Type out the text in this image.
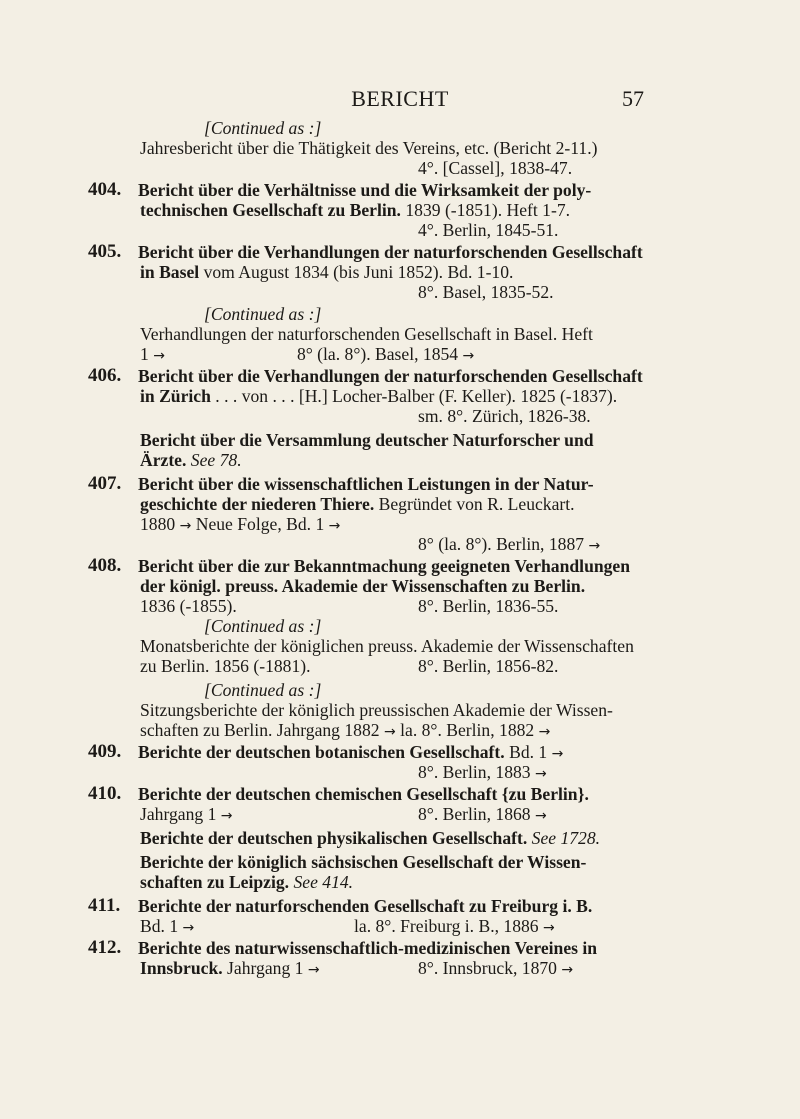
BERICHT	57
[Continued as :]
Jahresbericht über die Thätigkeit des Vereins, etc. (Bericht 2-11.)
4°. [Cassel], 1838-47.
404. Bericht über die Verhältnisse und die Wirksamkeit der poly-
technischen Gesellschaft zu Berlin. 1839 (-1851). Heft 1-7.
4°. Berlin, 1845-51.
405. Bericht über die Verhandlungen der naturforschenden Gesellschaft
in Basel vom August 1834 (bis Juni 1852). Bd. 1-10.
8°. Basel, 1835-52.
[Continued as :]
Verhandlungen der naturforschenden Gesellschaft in Basel. Heft
1 →	8° (la. 8°). Basel, 1854 →
406. Bericht über die Verhandlungen der naturforschenden Gesellschaft
in Zürich . . . von . . . [H.] Locher-Balber (F. Keller). 1825 (-1837).
sm. 8°. Zürich, 1826-38.
Bericht über die Versammlung deutscher Naturforscher und
Ärzte. See 78.
407. Bericht über die wissenschaftlichen Leistungen in der Natur-
geschichte der niederen Thiere. Begründet von R. Leuckart.
1880 → Neue Folge, Bd. 1 →
8° (la. 8°). Berlin, 1887 →
408. Bericht über die zur Bekanntmachung geeigneten Verhandlungen
der königl. preuss. Akademie der Wissenschaften zu Berlin.
1836 (-1855).	8°. Berlin, 1836-55.
[Continued as :]
Monatsberichte der königlichen preuss. Akademie der Wissenschaften
zu Berlin. 1856 (-1881).	8°. Berlin, 1856-82.
[Continued as :]
Sitzungsberichte der königlich preussischen Akademie der Wissen-
schaften zu Berlin. Jahrgang 1882 → la. 8°. Berlin, 1882 →
409. Berichte der deutschen botanischen Gesellschaft. Bd. 1 →
8°. Berlin, 1883 →
410. Berichte der deutschen chemischen Gesellschaft {zu Berlin}.
Jahrgang 1 →	8°. Berlin, 1868 →
Berichte der deutschen physikalischen Gesellschaft. See 1728.
Berichte der königlich sächsischen Gesellschaft der Wissen-
schaften zu Leipzig. See 414.
411. Berichte der naturforschenden Gesellschaft zu Freiburg i. B.
Bd. 1 →	la. 8°. Freiburg i. B., 1886 →
412. Berichte des naturwissenschaftlich-medizinischen Vereines in
Innsbruck. Jahrgang 1 →	8°. Innsbruck, 1870 →
